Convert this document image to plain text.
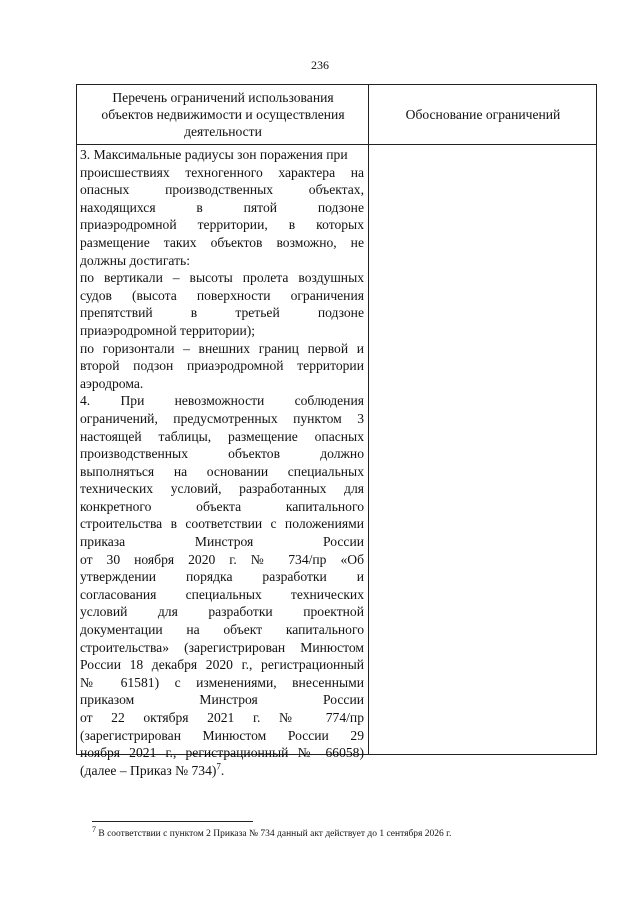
236
Перечень ограничений использования
объектов недвижимости и осуществления
деятельности
Обоснование ограничений
3. Максимальные радиусы зон поражения при
происшествиях техногенного характера на
опасных производственных объектах,
находящихся в пятой подзоне
приаэродромной территории, в которых
размещение таких объектов возможно, не
должны достигать:
по вертикали – высоты пролета воздушных
судов (высота поверхности ограничения
препятствий в третьей подзоне
приаэродромной территории);
по горизонтали – внешних границ первой и
второй подзон приаэродромной территории
аэродрома.
4. При невозможности соблюдения
ограничений, предусмотренных пунктом 3
настоящей таблицы, размещение опасных
производственных объектов должно
выполняться на основании специальных
технических условий, разработанных для
конкретного объекта капитального
строительства в соответствии с положениями
приказа Минстроя России
от 30 ноября 2020 г. № 734/пр «Об
утверждении порядка разработки и
согласования специальных технических
условий для разработки проектной
документации на объект капитального
строительства» (зарегистрирован Минюстом
России 18 декабря 2020 г., регистрационный
№ 61581) с изменениями, внесенными
приказом Минстроя России
от 22 октября 2021 г. № 774/пр
(зарегистрирован Минюстом России 29
ноября 2021 г., регистрационный № 66058)
(далее – Приказ № 734)$^7$.
$^7$ В соответствии с пунктом 2 Приказа № 734 данный акт действует до 1 сентября 2026 г.
